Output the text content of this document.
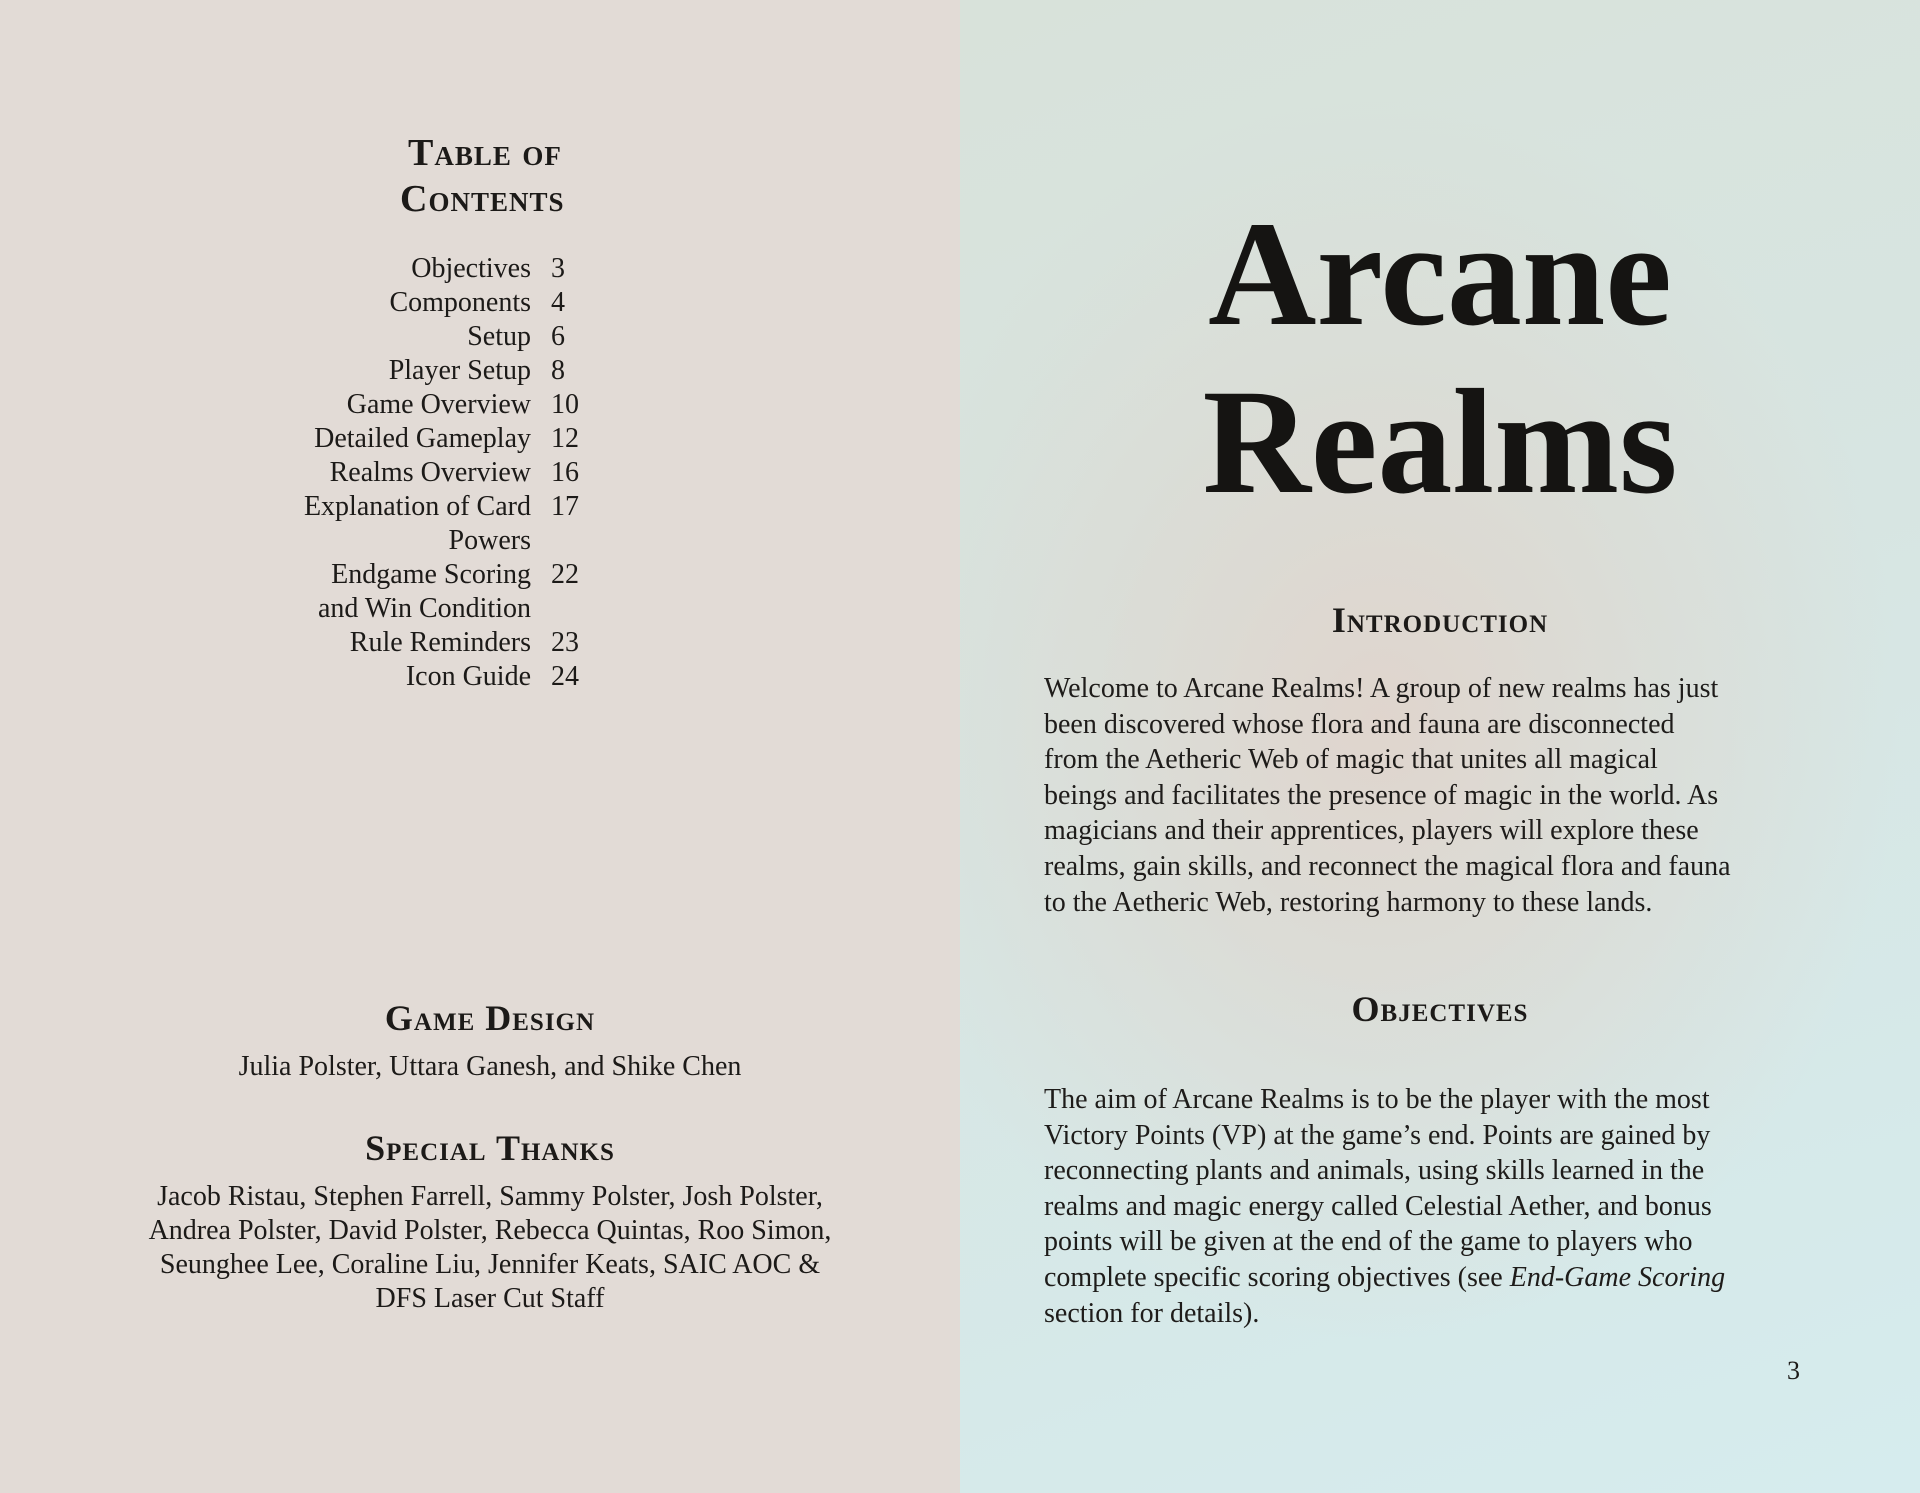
Table of
Contents
Objectives 3
Components 4
Setup 6
Player Setup 8
Game Overview 10
Detailed Gameplay 12
Realms Overview 16
Explanation of Card 17
Powers
Endgame Scoring 22
and Win Condition
Rule Reminders 23
Icon Guide 24
Game Design
Julia Polster, Uttara Ganesh, and Shike Chen
Special Thanks
Jacob Ristau, Stephen Farrell, Sammy Polster, Josh Polster,
Andrea Polster, David Polster, Rebecca Quintas, Roo Simon,
Seunghee Lee, Coraline Liu, Jennifer Keats, SAIC AOC &
DFS Laser Cut Staff
Arcane
Realms
Introduction
Welcome to Arcane Realms! A group of new realms has just
been discovered whose flora and fauna are disconnected
from the Aetheric Web of magic that unites all magical
beings and facilitates the presence of magic in the world. As
magicians and their apprentices, players will explore these
realms, gain skills, and reconnect the magical flora and fauna
to the Aetheric Web, restoring harmony to these lands.
Objectives
The aim of Arcane Realms is to be the player with the most
Victory Points (VP) at the game’s end. Points are gained by
reconnecting plants and animals, using skills learned in the
realms and magic energy called Celestial Aether, and bonus
points will be given at the end of the game to players who
complete specific scoring objectives (see End-Game Scoring
section for details).
3
